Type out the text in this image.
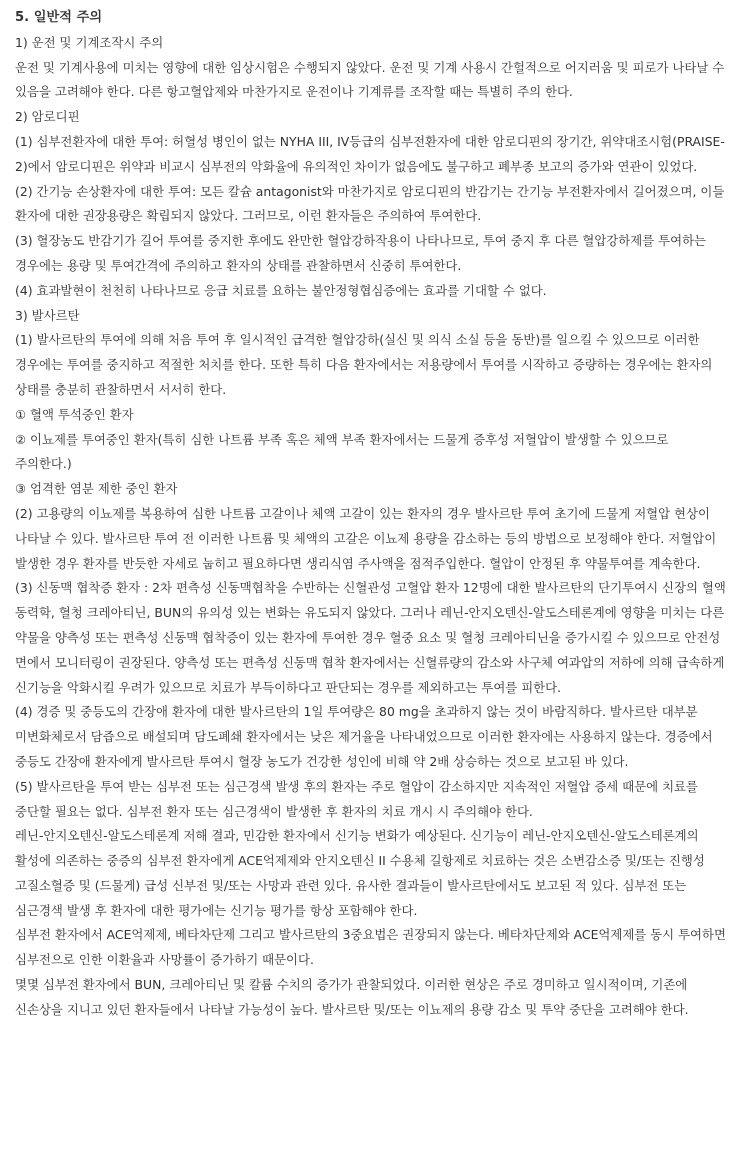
5. 일반적 주의

1) 운전 및 기계조작시 주의

운전 및 기계사용에 미치는 영향에 대한 임상시험은 수행되지 않았다. 운전 및 기계 사용시 간헐적으로 어지러움 및 피로가 나타날 수 있음을 고려해야 한다. 다른 항고혈압제와 마찬가지로 운전이나 기계류를 조작할 때는 특별히 주의 한다.

2) 암로디핀

(1) 심부전환자에 대한 투여: 허혈성 병인이 없는 NYHA III, IV등급의 심부전환자에 대한 암로디핀의 장기간, 위약대조시험(PRAISE-2)에서 암로디핀은 위약과 비교시 심부전의 악화율에 유의적인 차이가 없음에도 불구하고 폐부종 보고의 증가와 연관이 있었다.

(2) 간기능 손상환자에 대한 투여: 모든 칼슘 antagonist와 마찬가지로 암로디핀의 반감기는 간기능 부전환자에서 길어졌으며, 이들 환자에 대한 권장용량은 확립되지 않았다. 그러므로, 이런 환자들은 주의하여 투여한다.

(3) 혈장농도 반감기가 길어 투여를 중지한 후에도 완만한 혈압강하작용이 나타나므로, 투여 중지 후 다른 혈압강하제를 투여하는 경우에는 용량 및 투여간격에 주의하고 환자의 상태를 관찰하면서 신중히 투여한다.

(4) 효과발현이 천천히 나타나므로 응급 치료를 요하는 불안정형협심증에는 효과를 기대할 수 없다.

3) 발사르탄

(1) 발사르탄의 투여에 의해 처음 투여 후 일시적인 급격한 혈압강하(실신 및 의식 소실 등을 동반)를 일으킬 수 있으므로 이러한 경우에는 투여를 중지하고 적절한 처치를 한다. 또한 특히 다음 환자에서는 저용량에서 투여를 시작하고 증량하는 경우에는 환자의 상태를 충분히 관찰하면서 서서히 한다.

① 혈액 투석중인 환자

② 이뇨제를 투여중인 환자(특히 심한 나트륨 부족 혹은 체액 부족 환자에서는 드물게 증후성 저혈압이 발생할 수 있으므로 주의한다.)

③ 엄격한 염분 제한 중인 환자

(2) 고용량의 이뇨제를 복용하여 심한 나트륨 고갈이나 체액 고갈이 있는 환자의 경우 발사르탄 투여 초기에 드물게 저혈압 현상이 나타날 수 있다. 발사르탄 투여 전 이러한 나트륨 및 체액의 고갈은 이뇨제 용량을 감소하는 등의 방법으로 보정해야 한다. 저혈압이 발생한 경우 환자를 반듯한 자세로 눕히고 필요하다면 생리식염 주사액을 점적주입한다. 혈압이 안정된 후 약물투여를 계속한다.

(3) 신동맥 협착증 환자 : 2차 편측성 신동맥협착을 수반하는 신혈관성 고혈압 환자 12명에 대한 발사르탄의 단기투여시 신장의 혈액 동력학, 혈청 크레아티닌, BUN의 유의성 있는 변화는 유도되지 않았다. 그러나 레닌-안지오텐신-알도스테론계에 영향을 미치는 다른 약물을 양측성 또는 편측성 신동맥 협착증이 있는 환자에 투여한 경우 혈중 요소 및 혈청 크레아티닌을 증가시킬 수 있으므로 안전성 면에서 모니터링이 권장된다. 양측성 또는 편측성 신동맥 협착 환자에서는 신혈류량의 감소와 사구체 여과압의 저하에 의해 급속하게 신기능을 악화시킬 우려가 있으므로 치료가 부득이하다고 판단되는 경우를 제외하고는 투여를 피한다.

(4) 경증 및 중등도의 간장애 환자에 대한 발사르탄의 1일 투여량은 80 mg을 초과하지 않는 것이 바람직하다. 발사르탄 대부분 미변화체로서 담즙으로 배설되며 담도폐쇄 환자에서는 낮은 제거율을 나타내었으므로 이러한 환자에는 사용하지 않는다. 경증에서 중등도 간장애 환자에게 발사르탄 투여시 혈장 농도가 건강한 성인에 비해 약 2배 상승하는 것으로 보고된 바 있다.

(5) 발사르탄을 투여 받는 심부전 또는 심근경색 발생 후의 환자는 주로 혈압이 감소하지만 지속적인 저혈압 증세 때문에 치료를 중단할 필요는 없다. 심부전 환자 또는 심근경색이 발생한 후 환자의 치료 개시 시 주의해야 한다.

레닌-안지오텐신-알도스테론계 저해 결과, 민감한 환자에서 신기능 변화가 예상된다. 신기능이 레닌-안지오텐신-알도스테론계의 활성에 의존하는 중증의 심부전 환자에게 ACE억제제와 안지오텐신 II 수용체 길항제로 치료하는 것은 소변감소증 및/또는 진행성 고질소혈증 및 (드물게) 급성 신부전 및/또는 사망과 관련 있다. 유사한 결과들이 발사르탄에서도 보고된 적 있다. 심부전 또는 심근경색 발생 후 환자에 대한 평가에는 신기능 평가를 항상 포함해야 한다.

심부전 환자에서 ACE억제제, 베타차단제 그리고 발사르탄의 3중요법은 권장되지 않는다. 베타차단제와 ACE억제제를 동시 투여하면 심부전으로 인한 이환율과 사망률이 증가하기 때문이다.

몇몇 심부전 환자에서 BUN, 크레아티닌 및 칼륨 수치의 증가가 관찰되었다. 이러한 현상은 주로 경미하고 일시적이며, 기존에 신손상을 지니고 있던 환자들에서 나타날 가능성이 높다. 발사르탄 및/또는 이뇨제의 용량 감소 및 투약 중단을 고려해야 한다.
